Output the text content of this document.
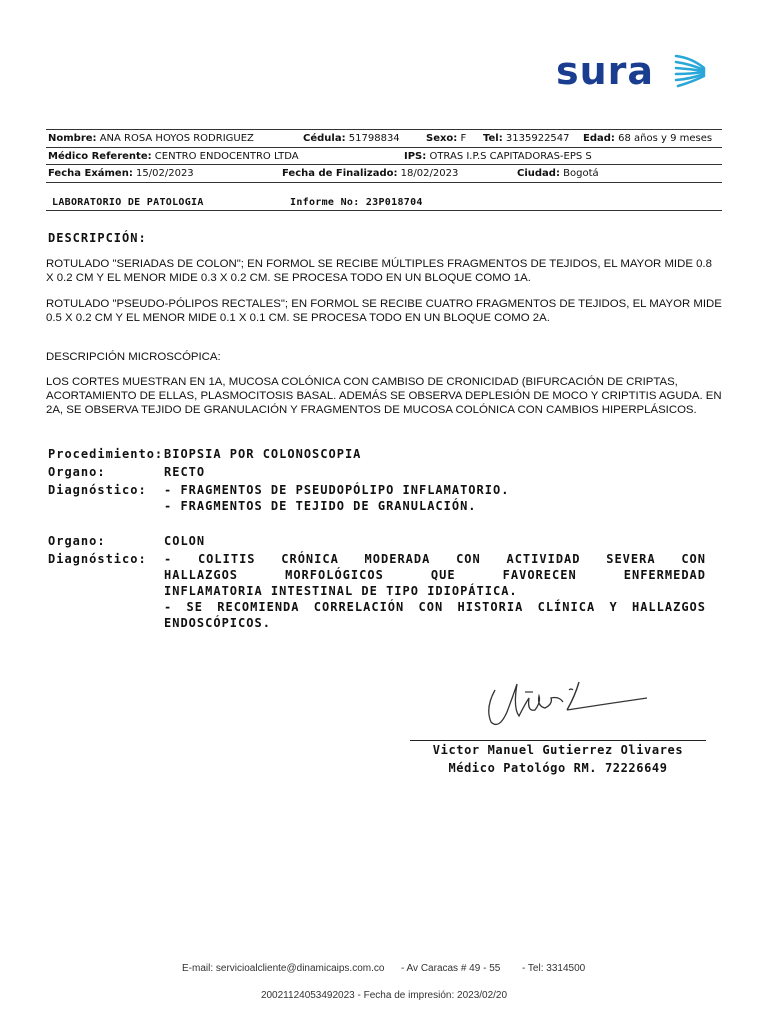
sura
Nombre: ANA ROSA HOYOS RODRIGUEZ	Cédula: 51798834	Sexo: F Tel: 3135922547 Edad: 68 años y 9 meses
Médico Referente: CENTRO ENDOCENTRO LTDA	IPS: OTRAS I.P.S CAPITADORAS-EPS S
Fecha Exámen: 15/02/2023	Fecha de Finalizado: 18/02/2023	Ciudad: Bogotá
LABORATORIO DE PATOLOGIA	Informe No: 23P018704
DESCRIPCIÓN:
ROTULADO "SERIADAS DE COLON"; EN FORMOL SE RECIBE MÚLTIPLES FRAGMENTOS DE TEJIDOS, EL MAYOR MIDE 0.8 X 0.2 CM Y EL MENOR MIDE 0.3 X 0.2 CM. SE PROCESA TODO EN UN BLOQUE COMO 1A.
ROTULADO "PSEUDO-PÓLIPOS RECTALES"; EN FORMOL SE RECIBE CUATRO FRAGMENTOS DE TEJIDOS, EL MAYOR MIDE 0.5 X 0.2 CM Y EL MENOR MIDE 0.1 X 0.1 CM. SE PROCESA TODO EN UN BLOQUE COMO 2A.
DESCRIPCIÓN MICROSCÓPICA:
LOS CORTES MUESTRAN EN 1A, MUCOSA COLÓNICA CON CAMBISO DE CRONICIDAD (BIFURCACIÓN DE CRIPTAS, ACORTAMIENTO DE ELLAS, PLASMOCITOSIS BASAL. ADEMÁS SE OBSERVA DEPLESIÓN DE MOCO Y CRIPTITIS AGUDA. EN 2A, SE OBSERVA TEJIDO DE GRANULACIÓN Y FRAGMENTOS DE MUCOSA COLÓNICA CON CAMBIOS HIPERPLÁSICOS.
Procedimiento: BIOPSIA POR COLONOSCOPIA
Organo:	RECTO
Diagnóstico: - FRAGMENTOS DE PSEUDOPÓLIPO INFLAMATORIO.
- FRAGMENTOS DE TEJIDO DE GRANULACIÓN.
Organo:	COLON
Diagnóstico: - COLITIS CRÓNICA MODERADA CON ACTIVIDAD SEVERA CON
HALLAZGOS MORFOLÓGICOS QUE FAVORECEN ENFERMEDAD
INFLAMATORIA INTESTINAL DE TIPO IDIOPÁTICA.
- SE RECOMIENDA CORRELACIÓN CON HISTORIA CLÍNICA Y HALLAZGOS
ENDOSCÓPICOS.
Victor Manuel Gutierrez Olivares
Médico Patológo RM. 72226649
E-mail: servicioalcliente@dinamicaips.com.co - Av Caracas # 49 - 55 - Tel: 3314500
20021124053492023 - Fecha de impresión: 2023/02/20
